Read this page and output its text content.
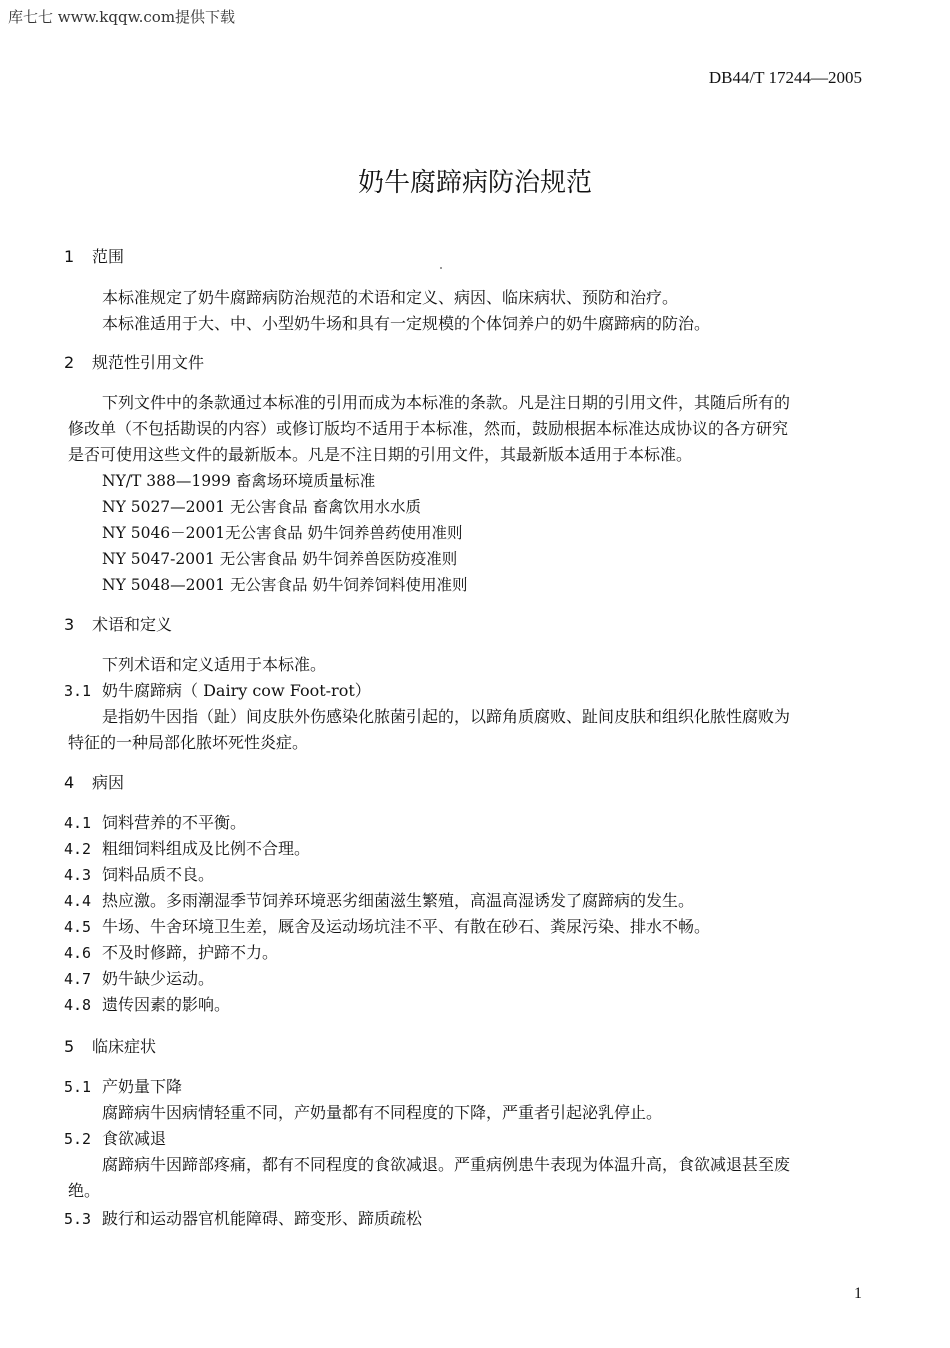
库七七 www.kqqw.com提供下载
DB44/T 17244—2005
奶牛腐蹄病防治规范
1 范围
本标准规定了奶牛腐蹄病防治规范的术语和定义、病因、临床病状、预防和治疗。
本标准适用于大、中、小型奶牛场和具有一定规模的个体饲养户的奶牛腐蹄病的防治。
2 规范性引用文件
下列文件中的条款通过本标准的引用而成为本标准的条款。凡是注日期的引用文件，其随后所有的
修改单（不包括勘误的内容）或修订版均不适用于本标准，然而，鼓励根据本标准达成协议的各方研究
是否可使用这些文件的最新版本。凡是不注日期的引用文件，其最新版本适用于本标准。
NY/T 388—1999 畜禽场环境质量标准
NY 5027—2001 无公害食品 畜禽饮用水水质
NY 5046－2001无公害食品 奶牛饲养兽药使用准则
NY 5047-2001 无公害食品 奶牛饲养兽医防疫准则
NY 5048—2001 无公害食品 奶牛饲养饲料使用准则
3 术语和定义
下列术语和定义适用于本标准。
3.1 奶牛腐蹄病（ Dairy cow Foot-rot）
是指奶牛因指（趾）间皮肤外伤感染化脓菌引起的，以蹄角质腐败、趾间皮肤和组织化脓性腐败为
特征的一种局部化脓坏死性炎症。
4 病因
4.1 饲料营养的不平衡。
4.2 粗细饲料组成及比例不合理。
4.3 饲料品质不良。
4.4 热应激。多雨潮湿季节饲养环境恶劣细菌滋生繁殖，高温高湿诱发了腐蹄病的发生。
4.5 牛场、牛舍环境卫生差，厩舍及运动场坑洼不平、有散在砂石、粪尿污染、排水不畅。
4.6 不及时修蹄，护蹄不力。
4.7 奶牛缺少运动。
4.8 遗传因素的影响。
5 临床症状
5.1 产奶量下降
腐蹄病牛因病情轻重不同，产奶量都有不同程度的下降，严重者引起泌乳停止。
5.2 食欲减退
腐蹄病牛因蹄部疼痛，都有不同程度的食欲减退。严重病例患牛表现为体温升高，食欲减退甚至废
绝。
5.3 跛行和运动器官机能障碍、蹄变形、蹄质疏松
1
